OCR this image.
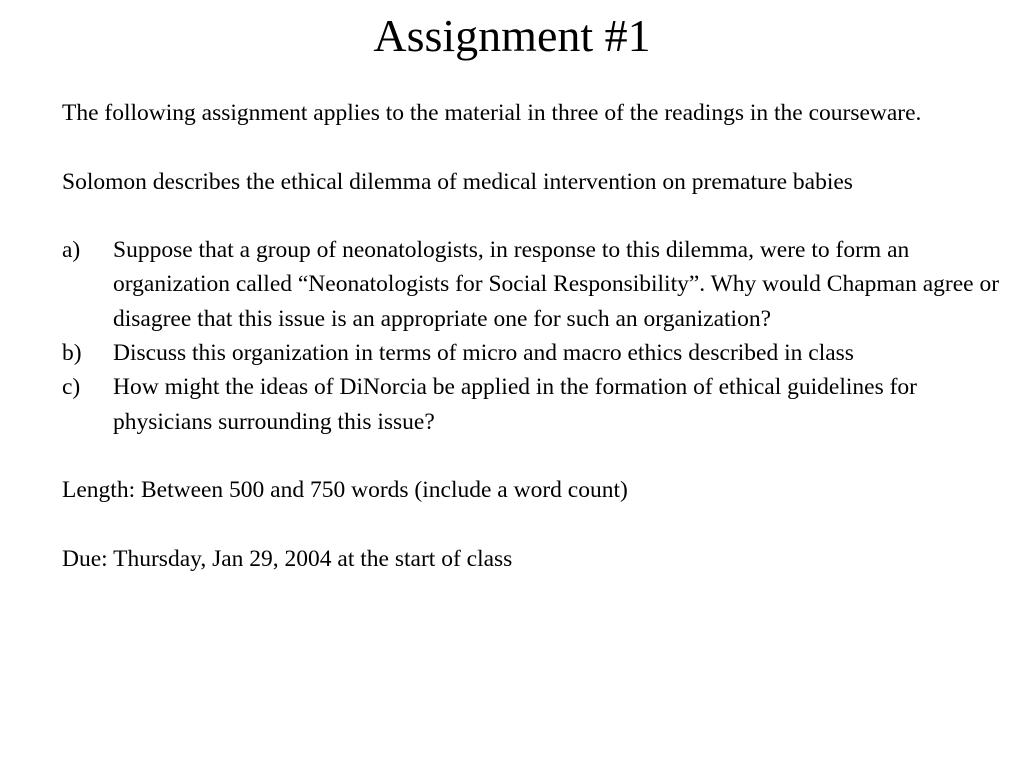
Assignment #1

The following assignment applies to the material in three of the readings in the courseware.

Solomon describes the ethical dilemma of medical intervention on premature babies

a) Suppose that a group of neonatologists, in response to this dilemma, were to form an organization called “Neonatologists for Social Responsibility”. Why would Chapman agree or disagree that this issue is an appropriate one for such an organization?
b) Discuss this organization in terms of micro and macro ethics described in class
c) How might the ideas of DiNorcia be applied in the formation of ethical guidelines for physicians surrounding this issue?

Length: Between 500 and 750 words (include a word count)

Due: Thursday, Jan 29, 2004 at the start of class
